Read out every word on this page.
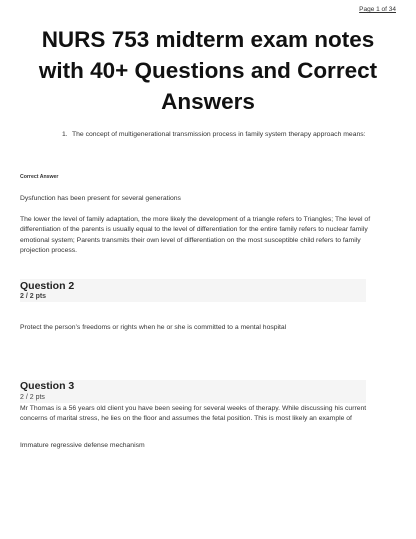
Page 1 of 34
NURS 753 midterm exam notes with 40+ Questions and Correct Answers
1. The concept of multigenerational transmission process in family system therapy approach means:
Correct Answer
Dysfunction has been present for several generations
The lower the level of family adaptation, the more likely the development of a triangle refers to Triangles; The level of differentiation of the parents is usually equal to the level of differentiation for the entire family refers to nuclear family emotional system; Parents transmits their own level of differentiation on the most susceptible child refers to family projection process.
Question 2
2 / 2 pts
Protect the person’s freedoms or rights when he or she is committed to a mental hospital
Question 3
2 / 2 pts
Mr Thomas is a 56 years old client you have been seeing for several weeks of therapy. While discussing his current concerns of marital stress, he lies on the floor and assumes the fetal position. This is most likely an example of
Immature regressive defense mechanism
